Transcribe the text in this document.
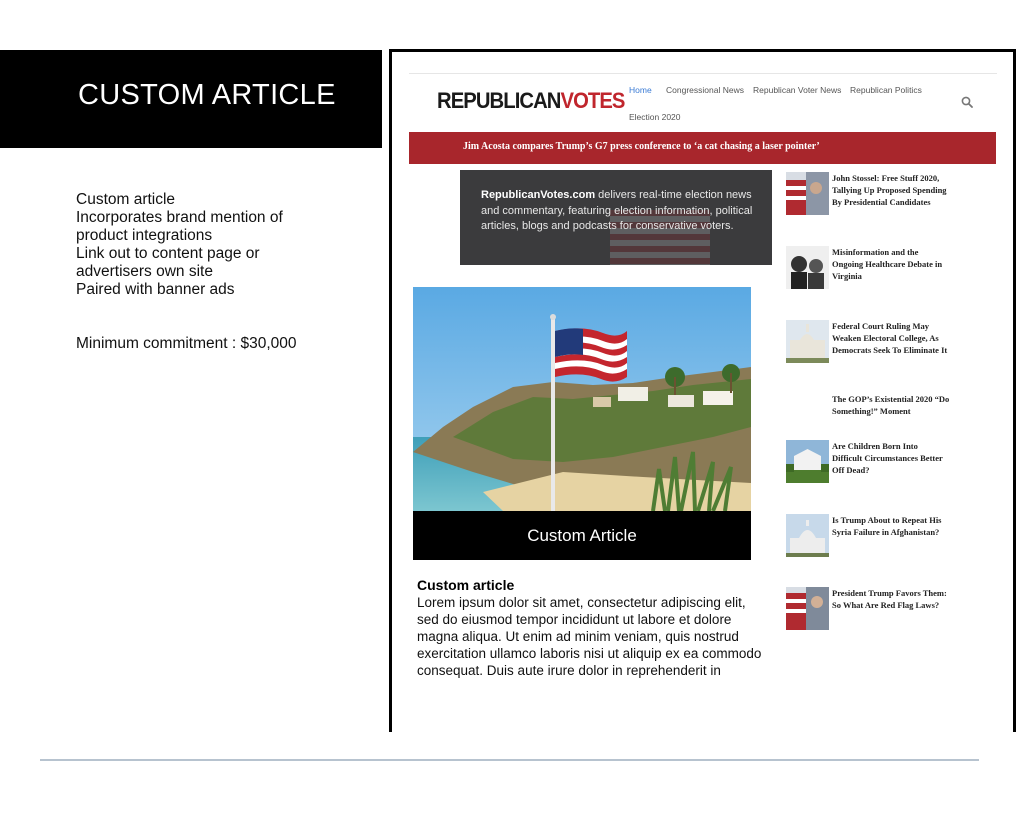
CUSTOM ARTICLE
Custom article
Incorporates brand mention of product integrations
Link out to content page or advertisers own site
Paired with banner ads
Minimum commitment : $30,000
REPUBLICANVOTES Home Congressional News Republican Voter News Republican Politics
Election 2020
Jim Acosta compares Trump’s G7 press conference to ‘a cat chasing a laser pointer’

RepublicanVotes.com delivers real-time election news and commentary, featuring election information, political articles, blogs and podcasts for conservative voters.

Custom Article
Custom article
Lorem ipsum dolor sit amet, consectetur adipiscing elit, sed do eiusmod tempor incididunt ut labore et dolore magna aliqua. Ut enim ad minim veniam, quis nostrud exercitation ullamco laboris nisi ut aliquip ex ea commodo consequat. Duis aute irure dolor in reprehenderit in
John Stossel: Free Stuff 2020, Tallying Up Proposed Spending By Presidential Candidates
Misinformation and the Ongoing Healthcare Debate in Virginia
Federal Court Ruling May Weaken Electoral College, As Democrats Seek To Eliminate It
The GOP’s Existential 2020 “Do Something!” Moment
Are Children Born Into Difficult Circumstances Better Off Dead?
Is Trump About to Repeat His Syria Failure in Afghanistan?
President Trump Favors Them: So What Are Red Flag Laws?
